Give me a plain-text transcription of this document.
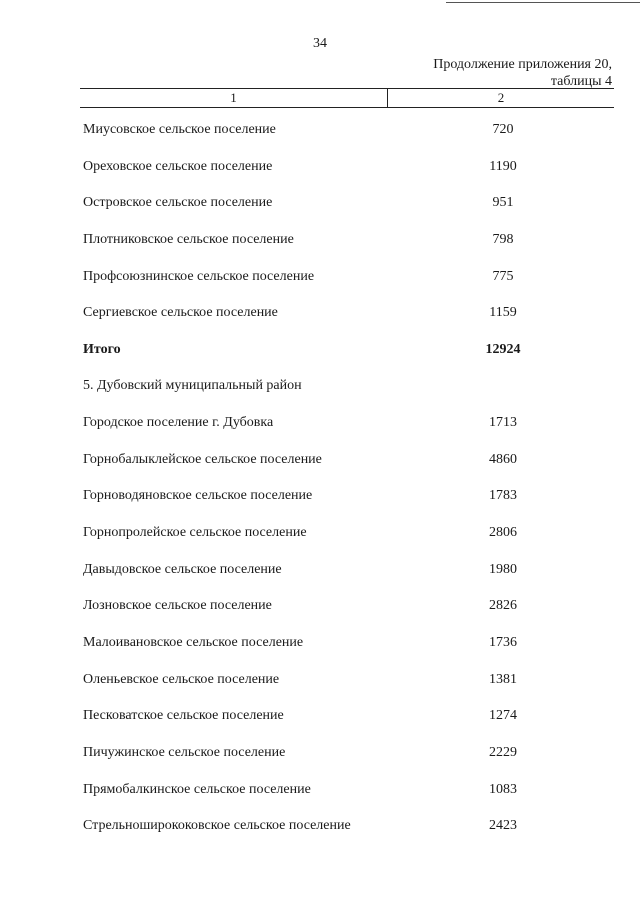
34
Продолжение приложения 20,
таблицы 4
1	2
Миусовское сельское поселение	720
Ореховское сельское поселение	1190
Островское сельское поселение	951
Плотниковское сельское поселение	798
Профсоюзнинское сельское поселение	775
Сергиевское сельское поселение	1159
Итого	12924
5. Дубовский муниципальный район
Городское поселение г. Дубовка	1713
Горнобалыклейское сельское поселение	4860
Горноводяновское сельское поселение	1783
Горнопролейское сельское поселение	2806
Давыдовское сельское поселение	1980
Лозновское сельское поселение	2826
Малоивановское сельское поселение	1736
Оленьевское сельское поселение	1381
Песковатское сельское поселение	1274
Пичужинское сельское поселение	2229
Прямобалкинское сельское поселение	1083
Стрельноширококовское сельское поселение	2423
